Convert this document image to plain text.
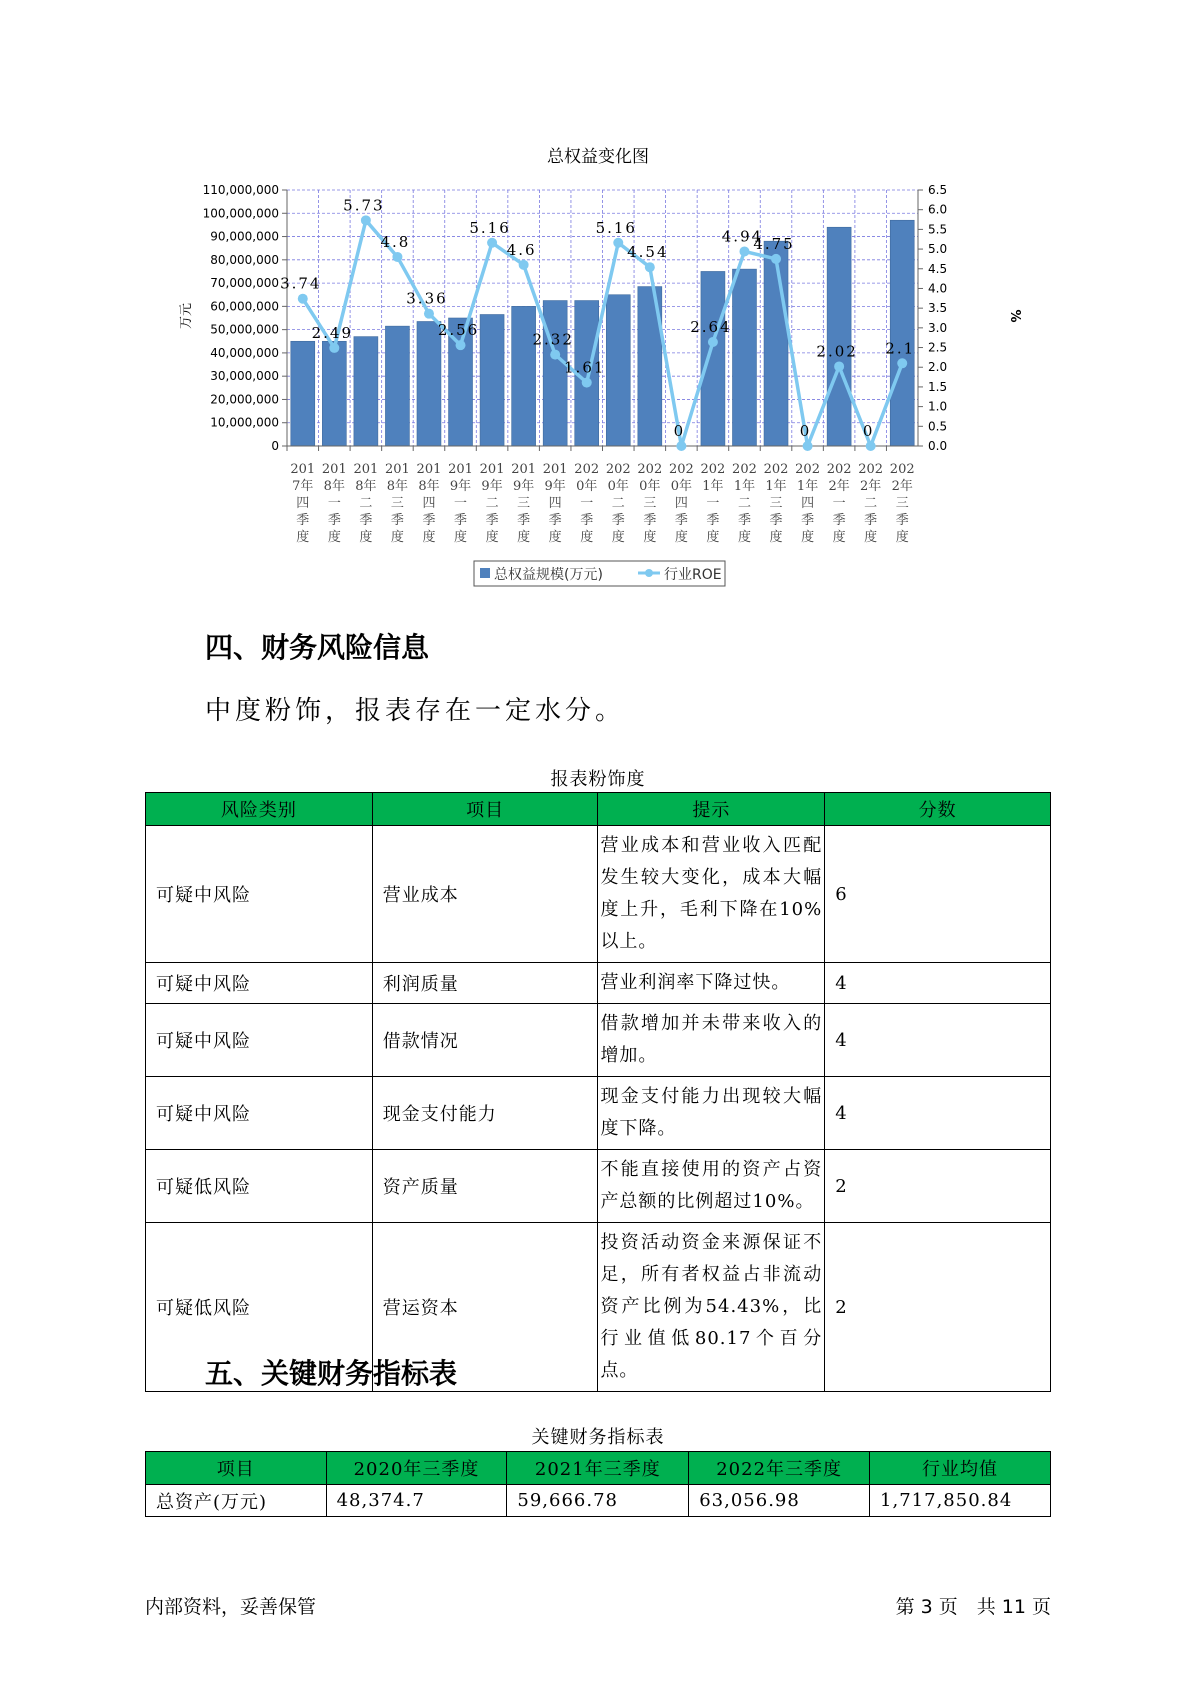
总权益变化图
110,000,000
100,000,000
90,000,000
80,000,000
70,000,000
60,000,000
50,000,000
40,000,000
30,000,000
20,000,000
10,000,000
0
6.5
6.0
5.5
5.0
4.5
4.0
3.5
3.0
2.5
2.0
1.5
1.0
0.5
0.0
3.74
2.49
5.73
4.8
3.36
2.56
5.16
4.6
2.32
1.61
5.16
4.54
0
2.64
4.94
4.75
0
2.02
0
2.1
201
7年
四
季
度
201
8年
一
季
度
201
8年
二
季
度
201
8年
三
季
度
201
8年
四
季
度
201
9年
一
季
度
201
9年
二
季
度
201
9年
三
季
度
201
9年
四
季
度
202
0年
一
季
度
202
0年
二
季
度
202
0年
三
季
度
202
0年
四
季
度
202
1年
一
季
度
202
1年
二
季
度
202
1年
三
季
度
202
1年
四
季
度
202
2年
一
季
度
202
2年
二
季
度
202
2年
三
季
度
万元	%
总权益规模(万元)	行业ROE
四、财务风险信息
中度粉饰，报表存在一定水分。
报表粉饰度
风险类别	项目	提示	分数
可疑中风险	营业成本	营业成本和营业收入匹配发生较大变化，成本大幅度上升，毛利下降在10%以上。	6
可疑中风险	利润质量	营业利润率下降过快。	4
可疑中风险	借款情况	借款增加并未带来收入的增加。	4
可疑中风险	现金支付能力	现金支付能力出现较大幅度下降。	4
可疑低风险	资产质量	不能直接使用的资产占资产总额的比例超过10%。	2
可疑低风险	营运资本	投资活动资金来源保证不足，所有者权益占非流动资产比例为54.43%，比行业值低80.17个百分点。	2
五、关键财务指标表
关键财务指标表
项目	2020年三季度	2021年三季度	2022年三季度	行业均值
总资产(万元)	48,374.7	59,666.78	63,056.98	1,717,850.84
内部资料，妥善保管	第 3 页　共 11 页
